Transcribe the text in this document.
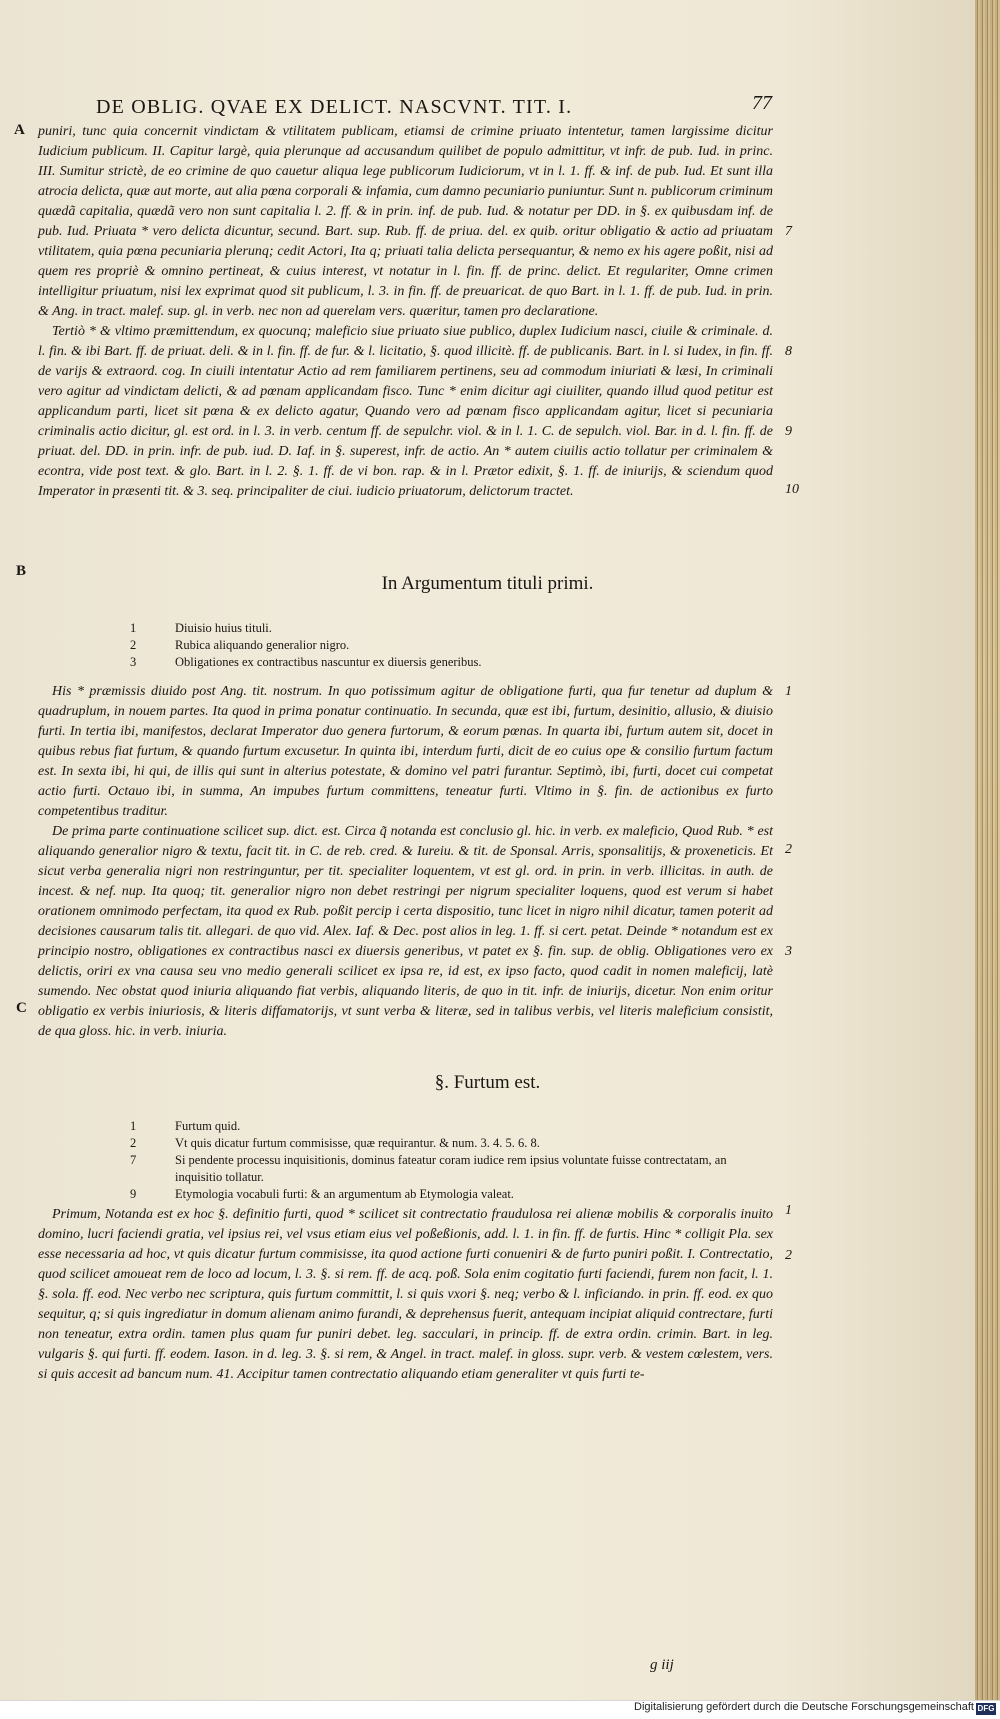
DE OBLIG. QVAE EX DELICT. NASCVNT. TIT. I.	77
A
B
C

puniri, tunc quia concernit vindictam & vtilitatem publicam, etiamsi de crimine priuato intentetur, tamen largissime dicitur Iudicium publicum. II. Capitur largè, quia plerunque ad accusandum quilibet de populo admittitur, vt infr. de pub. Iud. in princ. III. Sumitur strictè, de eo crimine de quo cauetur aliqua lege publicorum Iudiciorum, vt in l. 1. ff. & inf. de pub. Iud. Et sunt illa atrocia delicta, quæ aut morte, aut alia pœna corporali & infamia, cum damno pecuniario puniuntur. Sunt n. publicorum criminum quædã capitalia, quædã vero non sunt capitalia l. 2. ff. & in prin. inf. de pub. Iud. & notatur per DD. in §. ex quibusdam inf. de pub. Iud. Priuata * vero delicta dicuntur, secund. Bart. sup. Rub. ff. de priua. del. ex quib. oritur obligatio & actio ad priuatam vtilitatem, quia pœna pecuniaria plerunq; cedit Actori, Ita q; priuati talia delicta persequantur, & nemo ex his agere poßit, nisi ad quem res propriè & omnino pertineat, & cuius interest, vt notatur in l. fin. ff. de princ. delict. Et regulariter, Omne crimen intelligitur priuatum, nisi lex exprimat quod sit publicum, l. 3. in fin. ff. de preuaricat. de quo Bart. in l. 1. ff. de pub. Iud. in prin. & Ang. in tract. malef. sup. gl. in verb. nec non ad querelam vers. quæritur, tamen pro declaratione.

Tertiò * & vltimo præmittendum, ex quocunq; maleficio siue priuato siue publico, duplex Iudicium nasci, ciuile & criminale. d. l. fin. & ibi Bart. ff. de priuat. deli. & in l. fin. ff. de fur. & l. licitatio, §. quod illicitè. ff. de publicanis. Bart. in l. si Iudex, in fin. ff. de varijs & extraord. cog. In ciuili intentatur Actio ad rem familiarem pertinens, seu ad commodum iniuriati & læsi, In criminali vero agitur ad vindictam delicti, & ad pœnam applicandam fisco. Tunc * enim dicitur agi ciuiliter, quando illud quod petitur est applicandum parti, licet sit pœna & ex delicto agatur, Quando vero ad pœnam fisco applicandam agitur, licet si pecuniaria criminalis actio dicitur, gl. est ord. in l. 3. in verb. centum ff. de sepulchr. viol. & in l. 1. C. de sepulch. viol. Bar. in d. l. fin. ff. de priuat. del. DD. in prin. infr. de pub. iud. D. Iaf. in §. superest, infr. de actio. An * autem ciuilis actio tollatur per criminalem & econtra, vide post text. & glo. Bart. in l. 2. §. 1. ff. de vi bon. rap. & in l. Prætor edixit, §. 1. ff. de iniurijs, & sciendum quod Imperator in præsenti tit. & 3. seq. principaliter de ciui. iudicio priuatorum, delictorum tractet.

7
8
9
10
In Argumentum tituli primi.
1	Diuisio huius tituli.
2	Rubica aliquando generalior nigro.
3	Obligationes ex contractibus nascuntur ex diuersis generibus.

His * præmissis diuido post Ang. tit. nostrum. In quo potissimum agitur de obligatione furti, qua fur tenetur ad duplum & quadruplum, in nouem partes. Ita quod in prima ponatur continuatio. In secunda, quæ est ibi, furtum, desinitio, allusio, & diuisio furti. In tertia ibi, manifestos, declarat Imperator duo genera furtorum, & eorum pœnas. In quarta ibi, furtum autem sit, docet in quibus rebus fiat furtum, & quando furtum excusetur. In quinta ibi, interdum furti, dicit de eo cuius ope & consilio furtum factum est. In sexta ibi, hi qui, de illis qui sunt in alterius potestate, & domino vel patri furantur. Septimò, ibi, furti, docet cui competat actio furti. Octauo ibi, in summa, An impubes furtum committens, teneatur furti. Vltimo in §. fin. de actionibus ex furto competentibus traditur.

De prima parte continuatione scilicet sup. dict. est. Circa q̃ notanda est conclusio gl. hic. in verb. ex maleficio, Quod Rub. * est aliquando generalior nigro & textu, facit tit. in C. de reb. cred. & Iureiu. & tit. de Sponsal. Arris, sponsalitijs, & proxeneticis. Et sicut verba generalia nigri non restringuntur, per tit. specialiter loquentem, vt est gl. ord. in prin. in verb. illicitas. in auth. de incest. & nef. nup. Ita quoq; tit. generalior nigro non debet restringi per nigrum specialiter loquens, quod est verum si habet orationem omnimodo perfectam, ita quod ex Rub. poßit percip i certa dispositio, tunc licet in nigro nihil dicatur, tamen poterit ad decisiones causarum talis tit. allegari. de quo vid. Alex. Iaf. & Dec. post alios in leg. 1. ff. si cert. petat. Deinde * notandum est ex principio nostro, obligationes ex contractibus nasci ex diuersis generibus, vt patet ex §. fin. sup. de oblig. Obligationes vero ex delictis, oriri ex vna causa seu vno medio generali scilicet ex ipsa re, id est, ex ipso facto, quod cadit in nomen maleficij, latè sumendo. Nec obstat quod iniuria aliquando fiat verbis, aliquando literis, de quo in tit. infr. de iniurijs, dicetur. Non enim oritur obligatio ex verbis iniuriosis, & literis diffamatorijs, vt sunt verba & literæ, sed in talibus verbis, vel literis maleficium consistit, de qua gloss. hic. in verb. iniuria.

1
2
3
§. Furtum est.
1	Furtum quid.
2	Vt quis dicatur furtum commisisse, quæ requirantur. & num. 3. 4. 5. 6. 8.
7	Si pendente processu inquisitionis, dominus fateatur coram iudice rem ipsius voluntate fuisse contrectatam, an inquisitio tollatur.
9	Etymologia vocabuli furti: & an argumentum ab Etymologia valeat.

Primum, Notanda est ex hoc §. definitio furti, quod * scilicet sit contrectatio fraudulosa rei alienæ mobilis & corporalis inuito domino, lucri faciendi gratia, vel ipsius rei, vel vsus etiam eius vel poßeßionis, add. l. 1. in fin. ff. de furtis. Hinc * colligit Pla. sex esse necessaria ad hoc, vt quis dicatur furtum commisisse, ita quod actione furti conueniri & de furto puniri poßit. I. Contrectatio, quod scilicet amoueat rem de loco ad locum, l. 3. §. si rem. ff. de acq. poß. Sola enim cogitatio furti faciendi, furem non facit, l. 1. §. sola. ff. eod. Nec verbo nec scriptura, quis furtum committit, l. si quis vxori §. neq; verbo & l. inficiando. in prin. ff. eod. ex quo sequitur, q; si quis ingrediatur in domum alienam animo furandi, & deprehensus fuerit, antequam incipiat aliquid contrectare, furti non teneatur, extra ordin. tamen plus quam fur puniri debet. leg. sacculari, in princip. ff. de extra ordin. crimin. Bart. in leg. vulgaris §. qui furti. ff. eodem. Iason. in d. leg. 3. §. si rem, & Angel. in tract. malef. in gloss. supr. verb. & vestem cœlestem, vers. si quis accesit ad bancum num. 41. Accipitur tamen contrectatio aliquando etiam generaliter vt quis furti te-

1
2
g iij
Digitalisierung gefördert durch die Deutsche Forschungsgemeinschaft DFG
